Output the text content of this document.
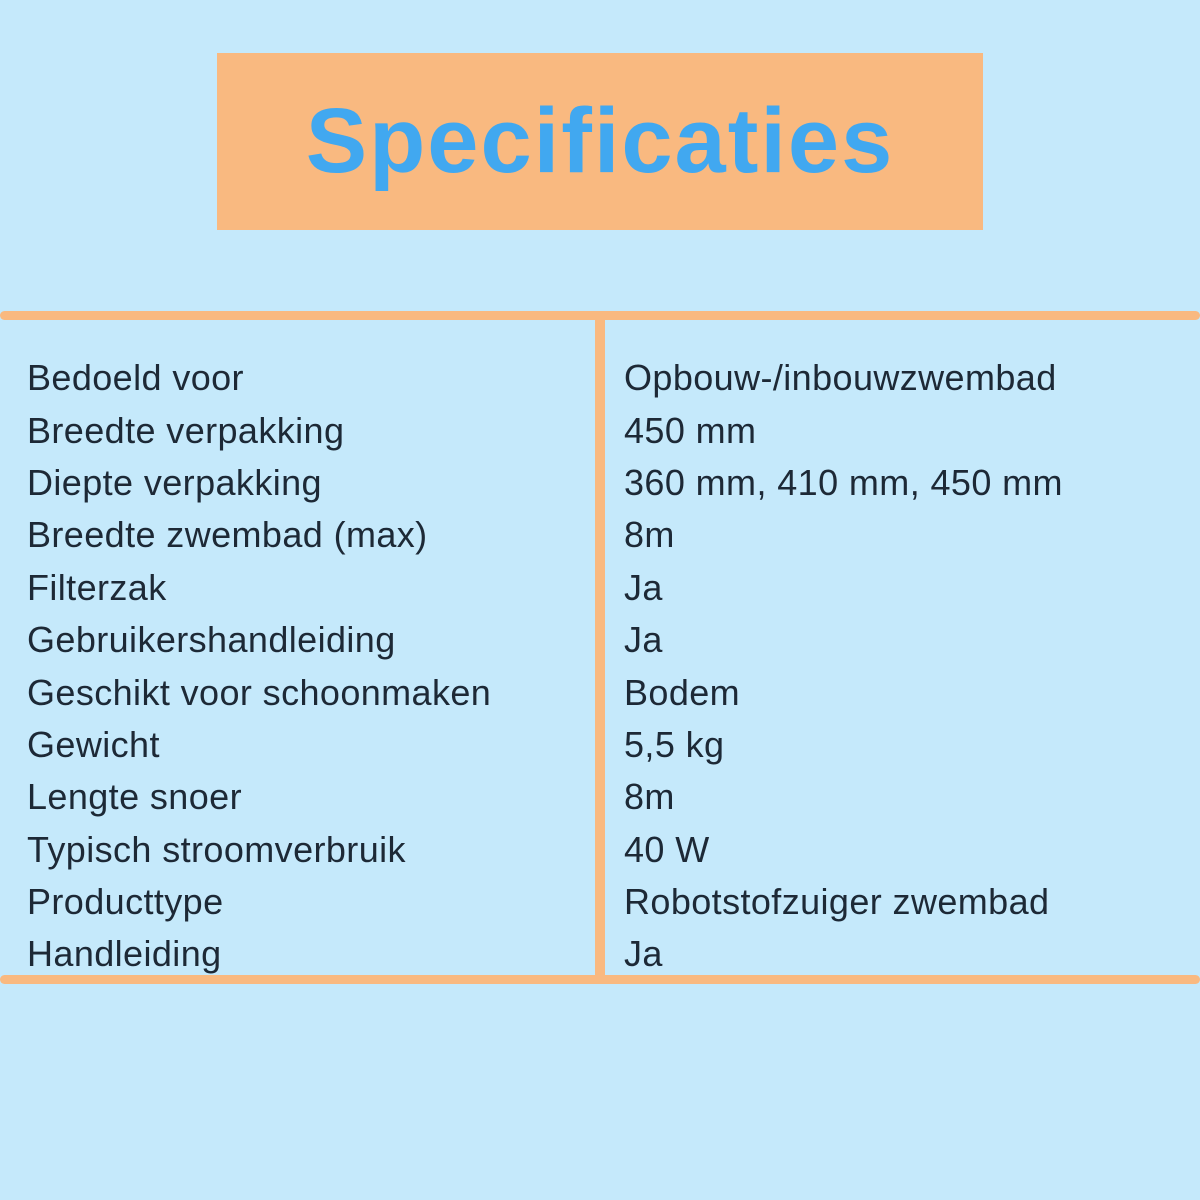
Specificaties
Bedoeld voor	Opbouw-/inbouwzwembad
Breedte verpakking	450 mm
Diepte verpakking	360 mm, 410 mm, 450 mm
Breedte zwembad (max)	8m
Filterzak	Ja
Gebruikershandleiding	Ja
Geschikt voor schoonmaken	Bodem
Gewicht	5,5 kg
Lengte snoer	8m
Typisch stroomverbruik	40 W
Producttype	Robotstofzuiger zwembad
Handleiding	Ja
